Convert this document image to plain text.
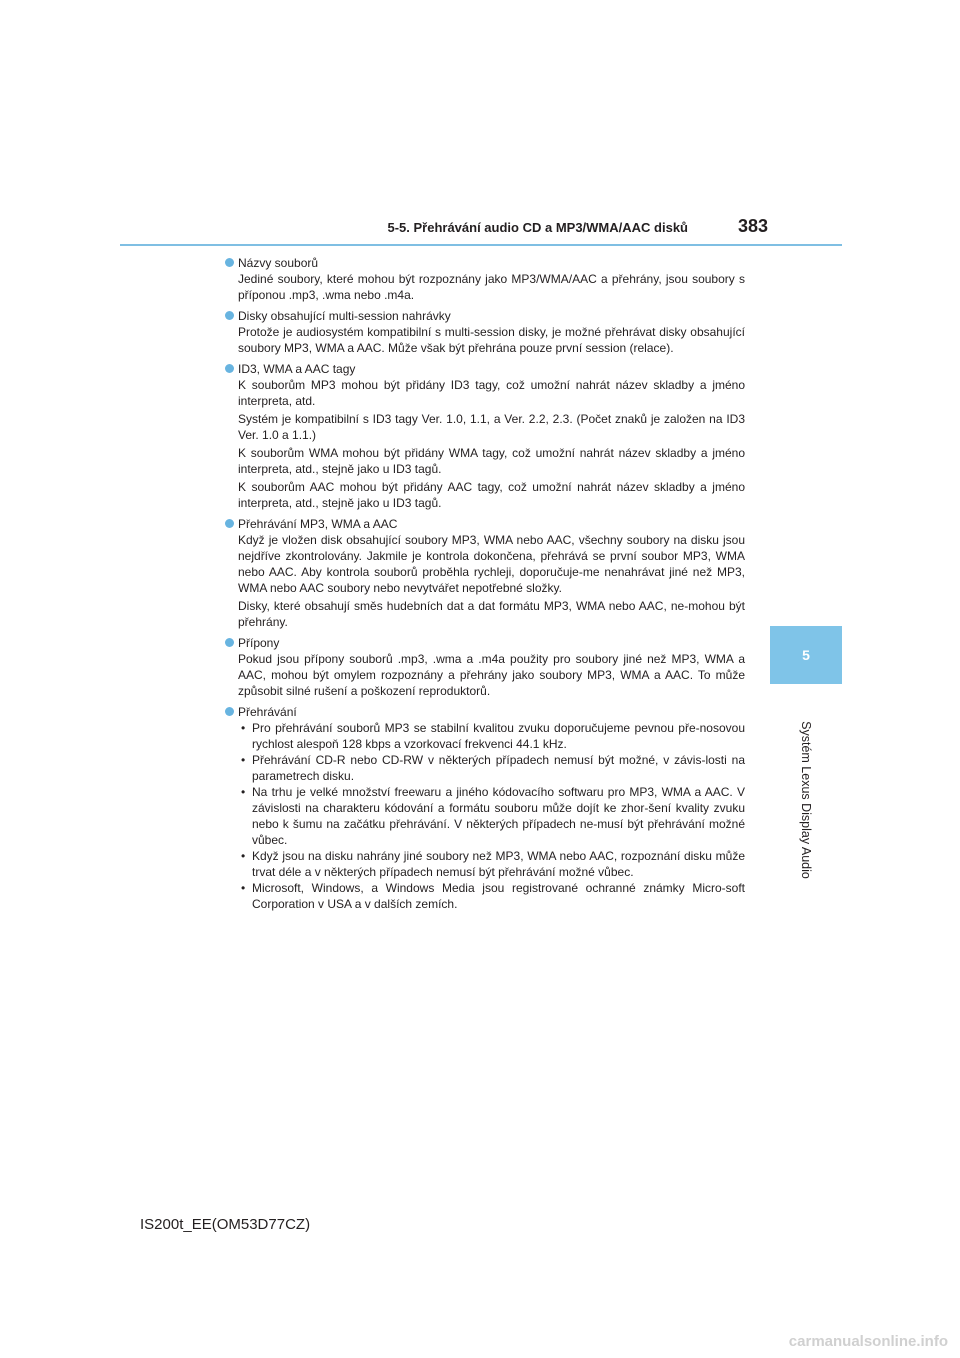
5-5. Přehrávání audio CD a MP3/WMA/AAC disků	383
5
Systém Lexus Display Audio
Názvy souborů
Jediné soubory, které mohou být rozpoznány jako MP3/WMA/AAC a přehrány, jsou soubory s příponou .mp3, .wma nebo .m4a.
Disky obsahující multi-session nahrávky
Protože je audiosystém kompatibilní s multi-session disky, je možné přehrávat disky obsahující soubory MP3, WMA a AAC. Může však být přehrána pouze první session (relace).
ID3, WMA a AAC tagy
K souborům MP3 mohou být přidány ID3 tagy, což umožní nahrát název skladby a jméno interpreta, atd.
Systém je kompatibilní s ID3 tagy Ver. 1.0, 1.1, a Ver. 2.2, 2.3. (Počet znaků je založen na ID3 Ver. 1.0 a 1.1.)
K souborům WMA mohou být přidány WMA tagy, což umožní nahrát název skladby a jméno interpreta, atd., stejně jako u ID3 tagů.
K souborům AAC mohou být přidány AAC tagy, což umožní nahrát název skladby a jméno interpreta, atd., stejně jako u ID3 tagů.
Přehrávání MP3, WMA a AAC
Když je vložen disk obsahující soubory MP3, WMA nebo AAC, všechny soubory na disku jsou nejdříve zkontrolovány. Jakmile je kontrola dokončena, přehrává se první soubor MP3, WMA nebo AAC. Aby kontrola souborů proběhla rychleji, doporučuje-me nenahrávat jiné než MP3, WMA nebo AAC soubory nebo nevytvářet nepotřebné složky.
Disky, které obsahují směs hudebních dat a dat formátu MP3, WMA nebo AAC, ne-mohou být přehrány.
Přípony
Pokud jsou přípony souborů .mp3, .wma a .m4a použity pro soubory jiné než MP3, WMA a AAC, mohou být omylem rozpoznány a přehrány jako soubory MP3, WMA a AAC. To může způsobit silné rušení a poškození reproduktorů.
Přehrávání
• Pro přehrávání souborů MP3 se stabilní kvalitou zvuku doporučujeme pevnou pře-nosovou rychlost alespoň 128 kbps a vzorkovací frekvenci 44.1 kHz.
• Přehrávání CD-R nebo CD-RW v některých případech nemusí být možné, v závis-losti na parametrech disku.
• Na trhu je velké množství freewaru a jiného kódovacího softwaru pro MP3, WMA a AAC. V závislosti na charakteru kódování a formátu souboru může dojít ke zhor-šení kvality zvuku nebo k šumu na začátku přehrávání. V některých případech ne-musí být přehrávání možné vůbec.
• Když jsou na disku nahrány jiné soubory než MP3, WMA nebo AAC, rozpoznání disku může trvat déle a v některých případech nemusí být přehrávání možné vůbec.
• Microsoft, Windows, a Windows Media jsou registrované ochranné známky Micro-soft Corporation v USA a v dalších zemích.
IS200t_EE(OM53D77CZ)
carmanualsonline.info
